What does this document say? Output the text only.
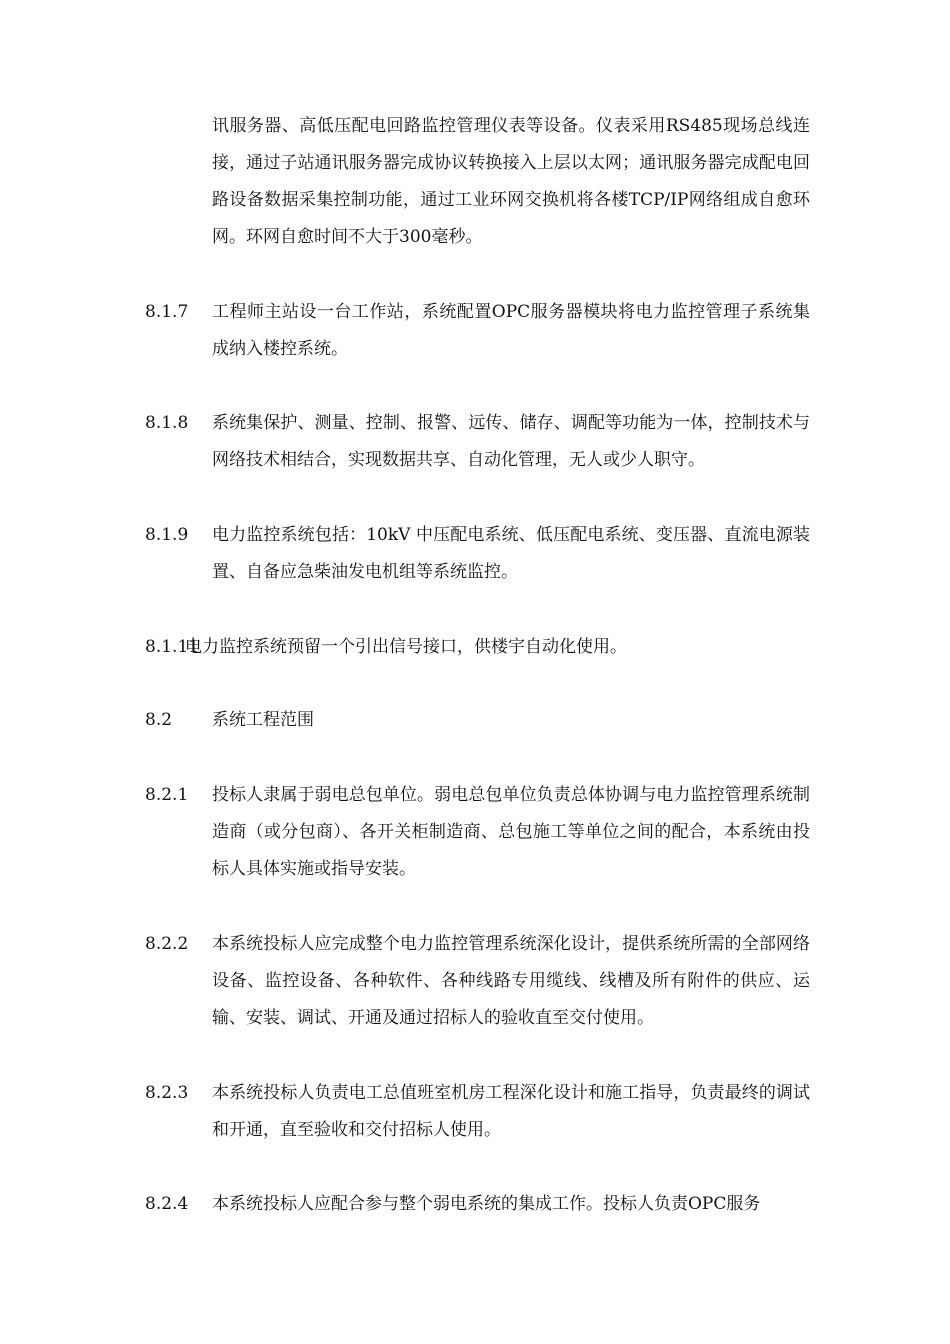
讯服务器、高低压配电回路监控管理仪表等设备。仪表采用RS485现场总线连接，通过子站通讯服务器完成协议转换接入上层以太网；通讯服务器完成配电回路设备数据采集控制功能，通过工业环网交换机将各楼TCP/IP网络组成自愈环网。环网自愈时间不大于300毫秒。
8.1.7 工程师主站设一台工作站，系统配置OPC服务器模块将电力监控管理子系统集成纳入楼控系统。
8.1.8 系统集保护、测量、控制、报警、远传、储存、调配等功能为一体，控制技术与网络技术相结合，实现数据共享、自动化管理，无人或少人职守。
8.1.9 电力监控系统包括：10kV 中压配电系统、低压配电系统、变压器、直流电源装置、自备应急柴油发电机组等系统监控。
8.1.11
电力监控系统预留一个引出信号接口，供楼宇自动化使用。
8.2 系统工程范围
8.2.1 投标人隶属于弱电总包单位。弱电总包单位负责总体协调与电力监控管理系统制造商（或分包商）、各开关柜制造商、总包施工等单位之间的配合，本系统由投标人具体实施或指导安装。
8.2.2 本系统投标人应完成整个电力监控管理系统深化设计，提供系统所需的全部网络设备、监控设备、各种软件、各种线路专用缆线、线槽及所有附件的供应、运输、安装、调试、开通及通过招标人的验收直至交付使用。
8.2.3 本系统投标人负责电工总值班室机房工程深化设计和施工指导，负责最终的调试和开通，直至验收和交付招标人使用。
8.2.4 本系统投标人应配合参与整个弱电系统的集成工作。投标人负责OPC服务
